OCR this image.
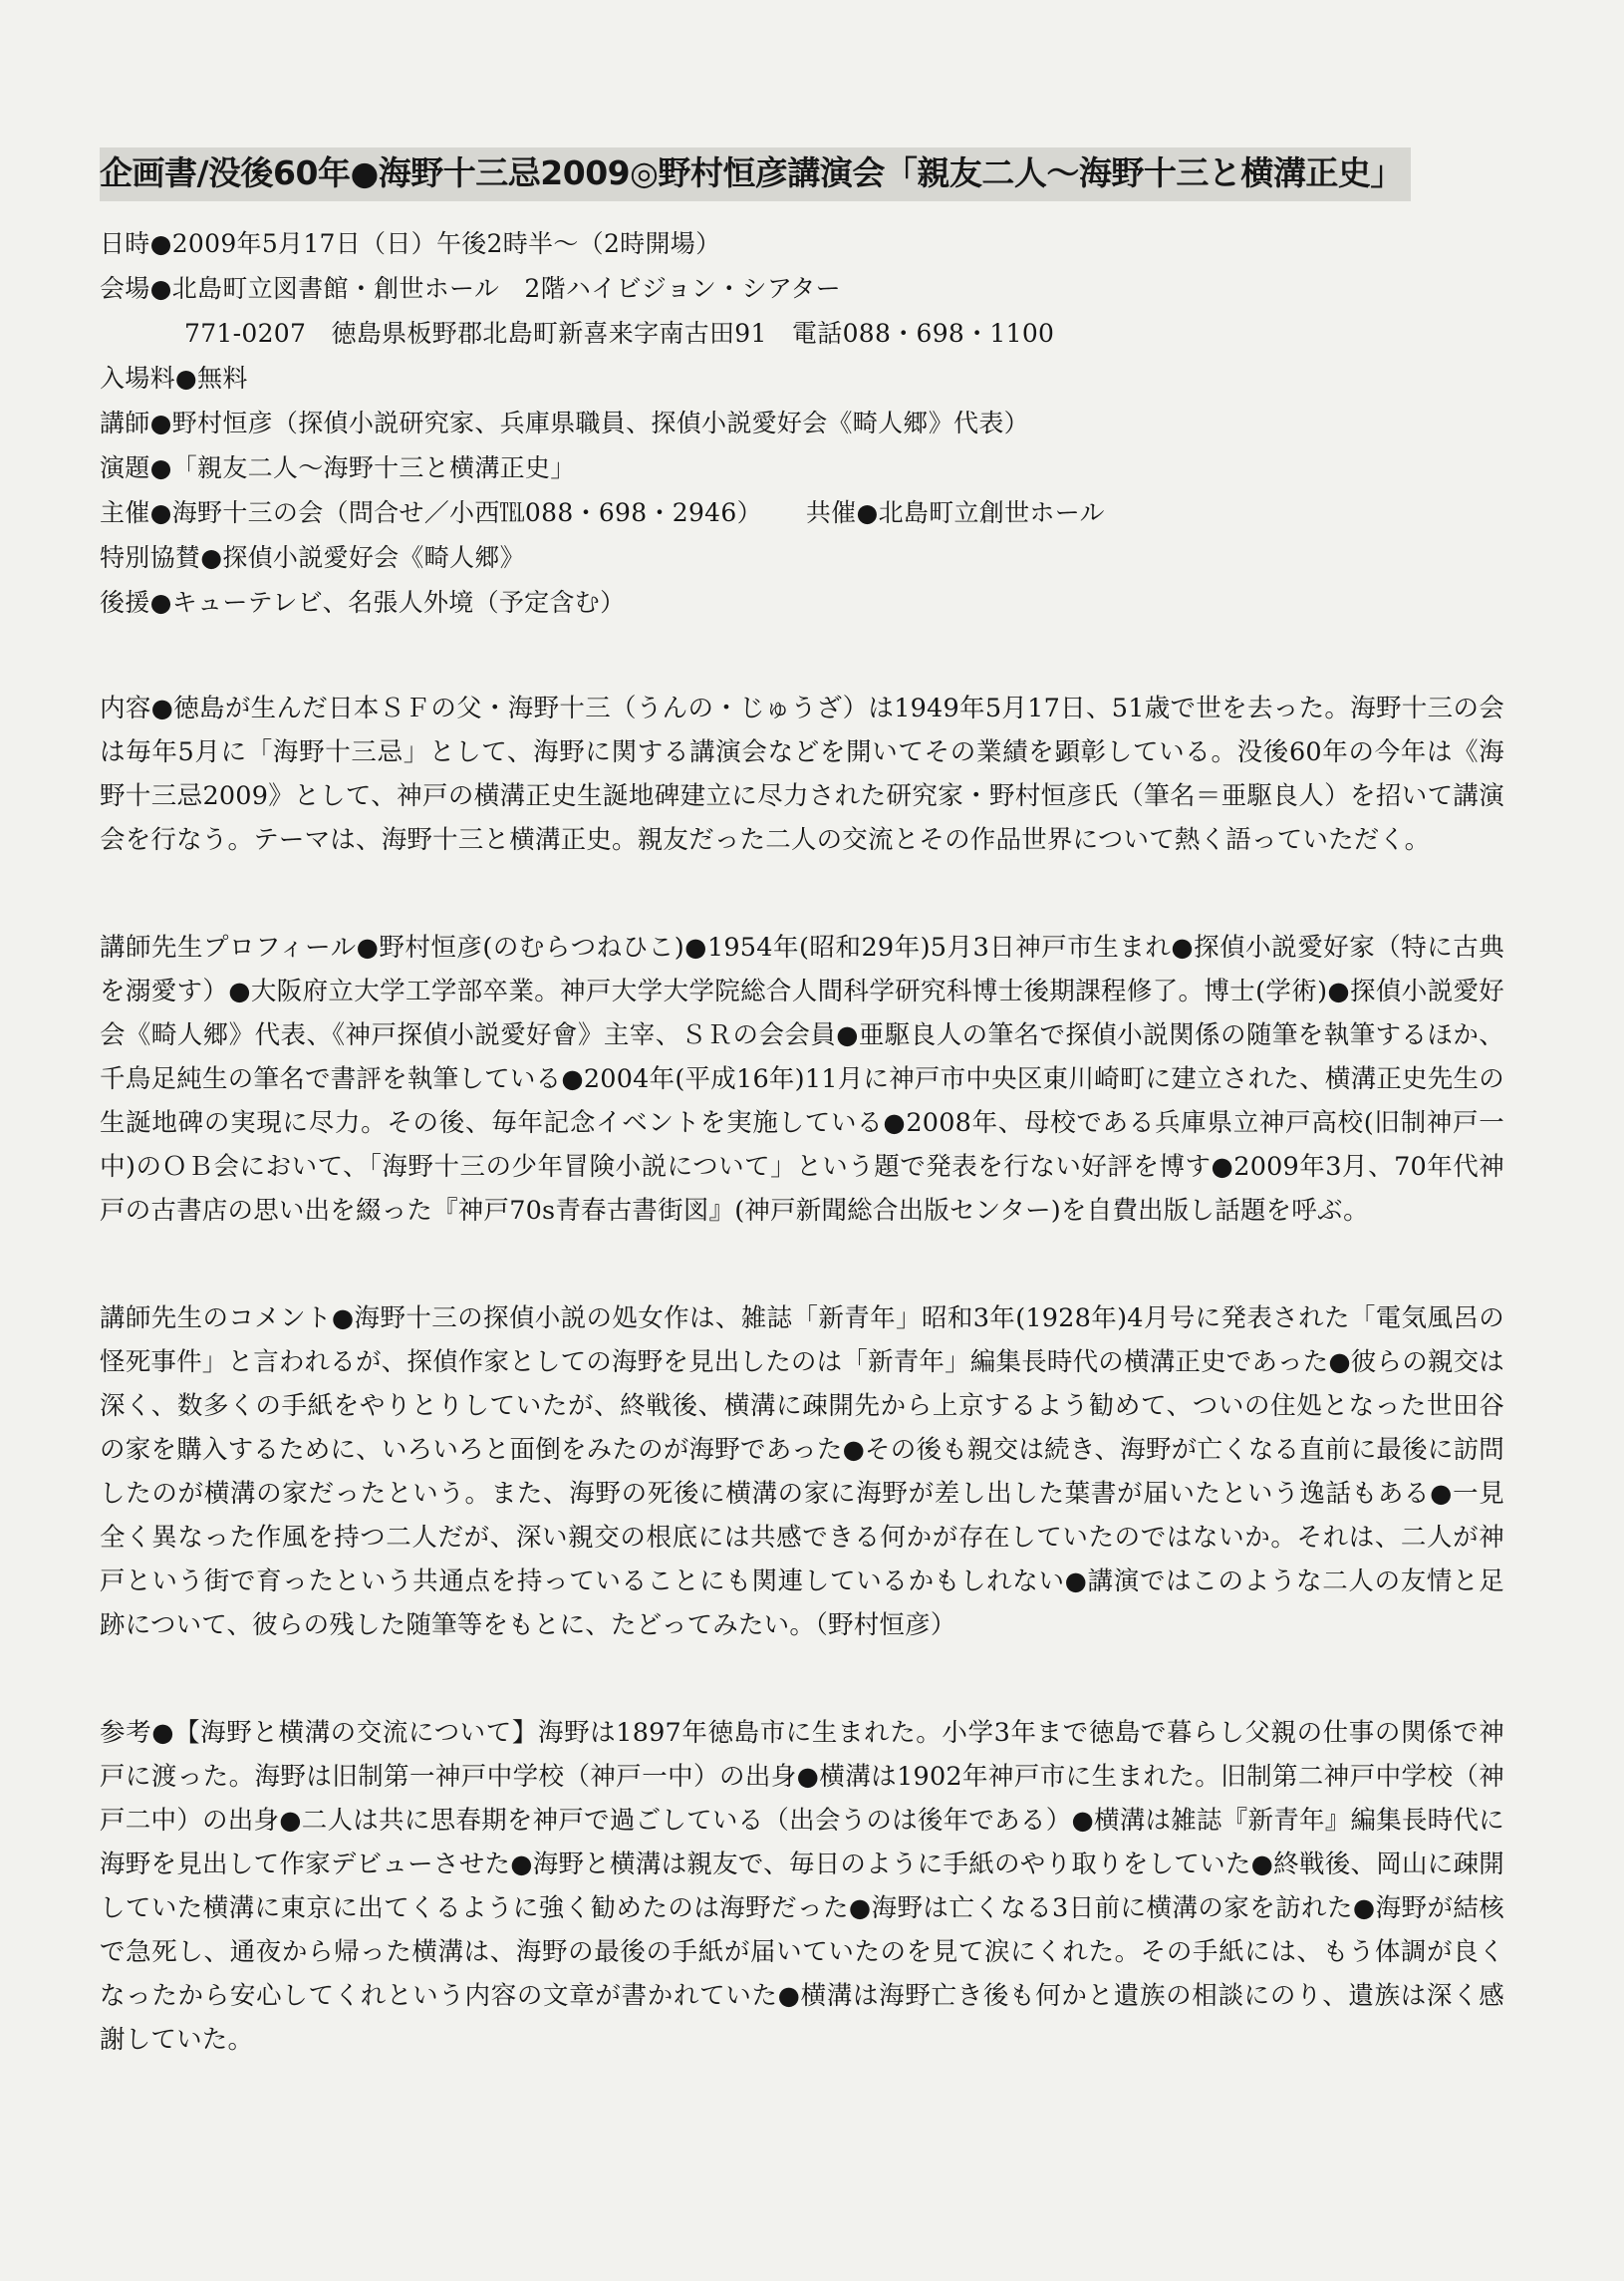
企画書/没後60年●海野十三忌2009◎野村恒彦講演会「親友二人〜海野十三と横溝正史」
日時●2009年5月17日（日）午後2時半〜（2時開場）
会場●北島町立図書館・創世ホール　2階ハイビジョン・シアター
771-0207　徳島県板野郡北島町新喜来字南古田91　電話088・698・1100
入場料●無料
講師●野村恒彦（探偵小説研究家、兵庫県職員、探偵小説愛好会《畸人郷》代表）
演題●「親友二人〜海野十三と横溝正史」
主催●海野十三の会（問合せ／小西℡088・698・2946） 共催●北島町立創世ホール
特別協賛●探偵小説愛好会《畸人郷》
後援●キューテレビ、名張人外境（予定含む）

内容●徳島が生んだ日本ＳＦの父・海野十三（うんの・じゅうざ）は1949年5月17日、51歳で世を去った。海野十三の会は毎年5月に「海野十三忌」として、海野に関する講演会などを開いてその業績を顕彰している。没後60年の今年は《海野十三忌2009》として、神戸の横溝正史生誕地碑建立に尽力された研究家・野村恒彦氏（筆名＝亜駆良人）を招いて講演会を行なう。テーマは、海野十三と横溝正史。親友だった二人の交流とその作品世界について熱く語っていただく。

講師先生プロフィール●野村恒彦(のむらつねひこ)●1954年(昭和29年)5月3日神戸市生まれ●探偵小説愛好家（特に古典を溺愛す）●大阪府立大学工学部卒業。神戸大学大学院総合人間科学研究科博士後期課程修了。博士(学術)●探偵小説愛好会《畸人郷》代表、《神戸探偵小説愛好會》主宰、ＳＲの会会員●亜駆良人の筆名で探偵小説関係の随筆を執筆するほか、千鳥足純生の筆名で書評を執筆している●2004年(平成16年)11月に神戸市中央区東川崎町に建立された、横溝正史先生の生誕地碑の実現に尽力。その後、毎年記念イベントを実施している●2008年、母校である兵庫県立神戸高校(旧制神戸一中)のＯＢ会において、「海野十三の少年冒険小説について」という題で発表を行ない好評を博す●2009年3月、70年代神戸の古書店の思い出を綴った『神戸70s青春古書街図』(神戸新聞総合出版センター)を自費出版し話題を呼ぶ。

講師先生のコメント●海野十三の探偵小説の処女作は、雑誌「新青年」昭和3年(1928年)4月号に発表された「電気風呂の怪死事件」と言われるが、探偵作家としての海野を見出したのは「新青年」編集長時代の横溝正史であった●彼らの親交は深く、数多くの手紙をやりとりしていたが、終戦後、横溝に疎開先から上京するよう勧めて、ついの住処となった世田谷の家を購入するために、いろいろと面倒をみたのが海野であった●その後も親交は続き、海野が亡くなる直前に最後に訪問したのが横溝の家だったという。また、海野の死後に横溝の家に海野が差し出した葉書が届いたという逸話もある●一見全く異なった作風を持つ二人だが、深い親交の根底には共感できる何かが存在していたのではないか。それは、二人が神戸という街で育ったという共通点を持っていることにも関連しているかもしれない●講演ではこのような二人の友情と足跡について、彼らの残した随筆等をもとに、たどってみたい。（野村恒彦）

参考●【海野と横溝の交流について】海野は1897年徳島市に生まれた。小学3年まで徳島で暮らし父親の仕事の関係で神戸に渡った。海野は旧制第一神戸中学校（神戸一中）の出身●横溝は1902年神戸市に生まれた。旧制第二神戸中学校（神戸二中）の出身●二人は共に思春期を神戸で過ごしている（出会うのは後年である）●横溝は雑誌『新青年』編集長時代に海野を見出して作家デビューさせた●海野と横溝は親友で、毎日のように手紙のやり取りをしていた●終戦後、岡山に疎開していた横溝に東京に出てくるように強く勧めたのは海野だった●海野は亡くなる3日前に横溝の家を訪れた●海野が結核で急死し、通夜から帰った横溝は、海野の最後の手紙が届いていたのを見て涙にくれた。その手紙には、もう体調が良くなったから安心してくれという内容の文章が書かれていた●横溝は海野亡き後も何かと遺族の相談にのり、遺族は深く感謝していた。
